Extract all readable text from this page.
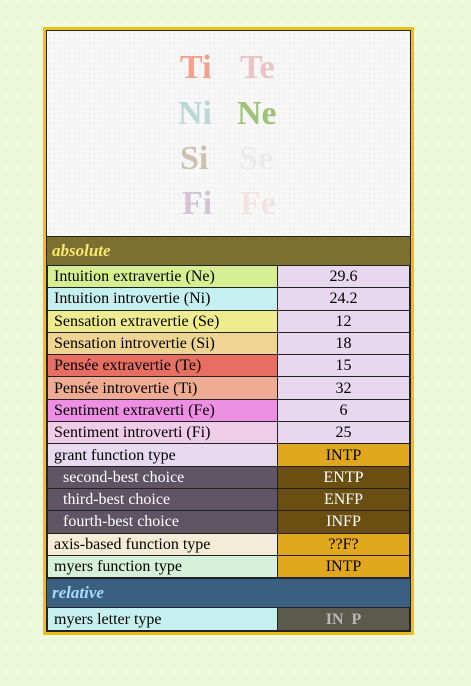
Ti Te
Ni Ne
Si Se
Fi Fe
absolute
Intuition extravertie (Ne)	29.6
Intuition introvertie (Ni)	24.2
Sensation extravertie (Se)	12
Sensation introvertie (Si)	18
Pensée extravertie (Te)	15
Pensée introvertie (Ti)	32
Sentiment extraverti (Fe)	6
Sentiment introverti (Fi)	25
grant function type	INTP
second-best choice	ENTP
third-best choice	ENFP
fourth-best choice	INFP
axis-based function type	??F?
myers function type	INTP
relative
myers letter type	IN  P
